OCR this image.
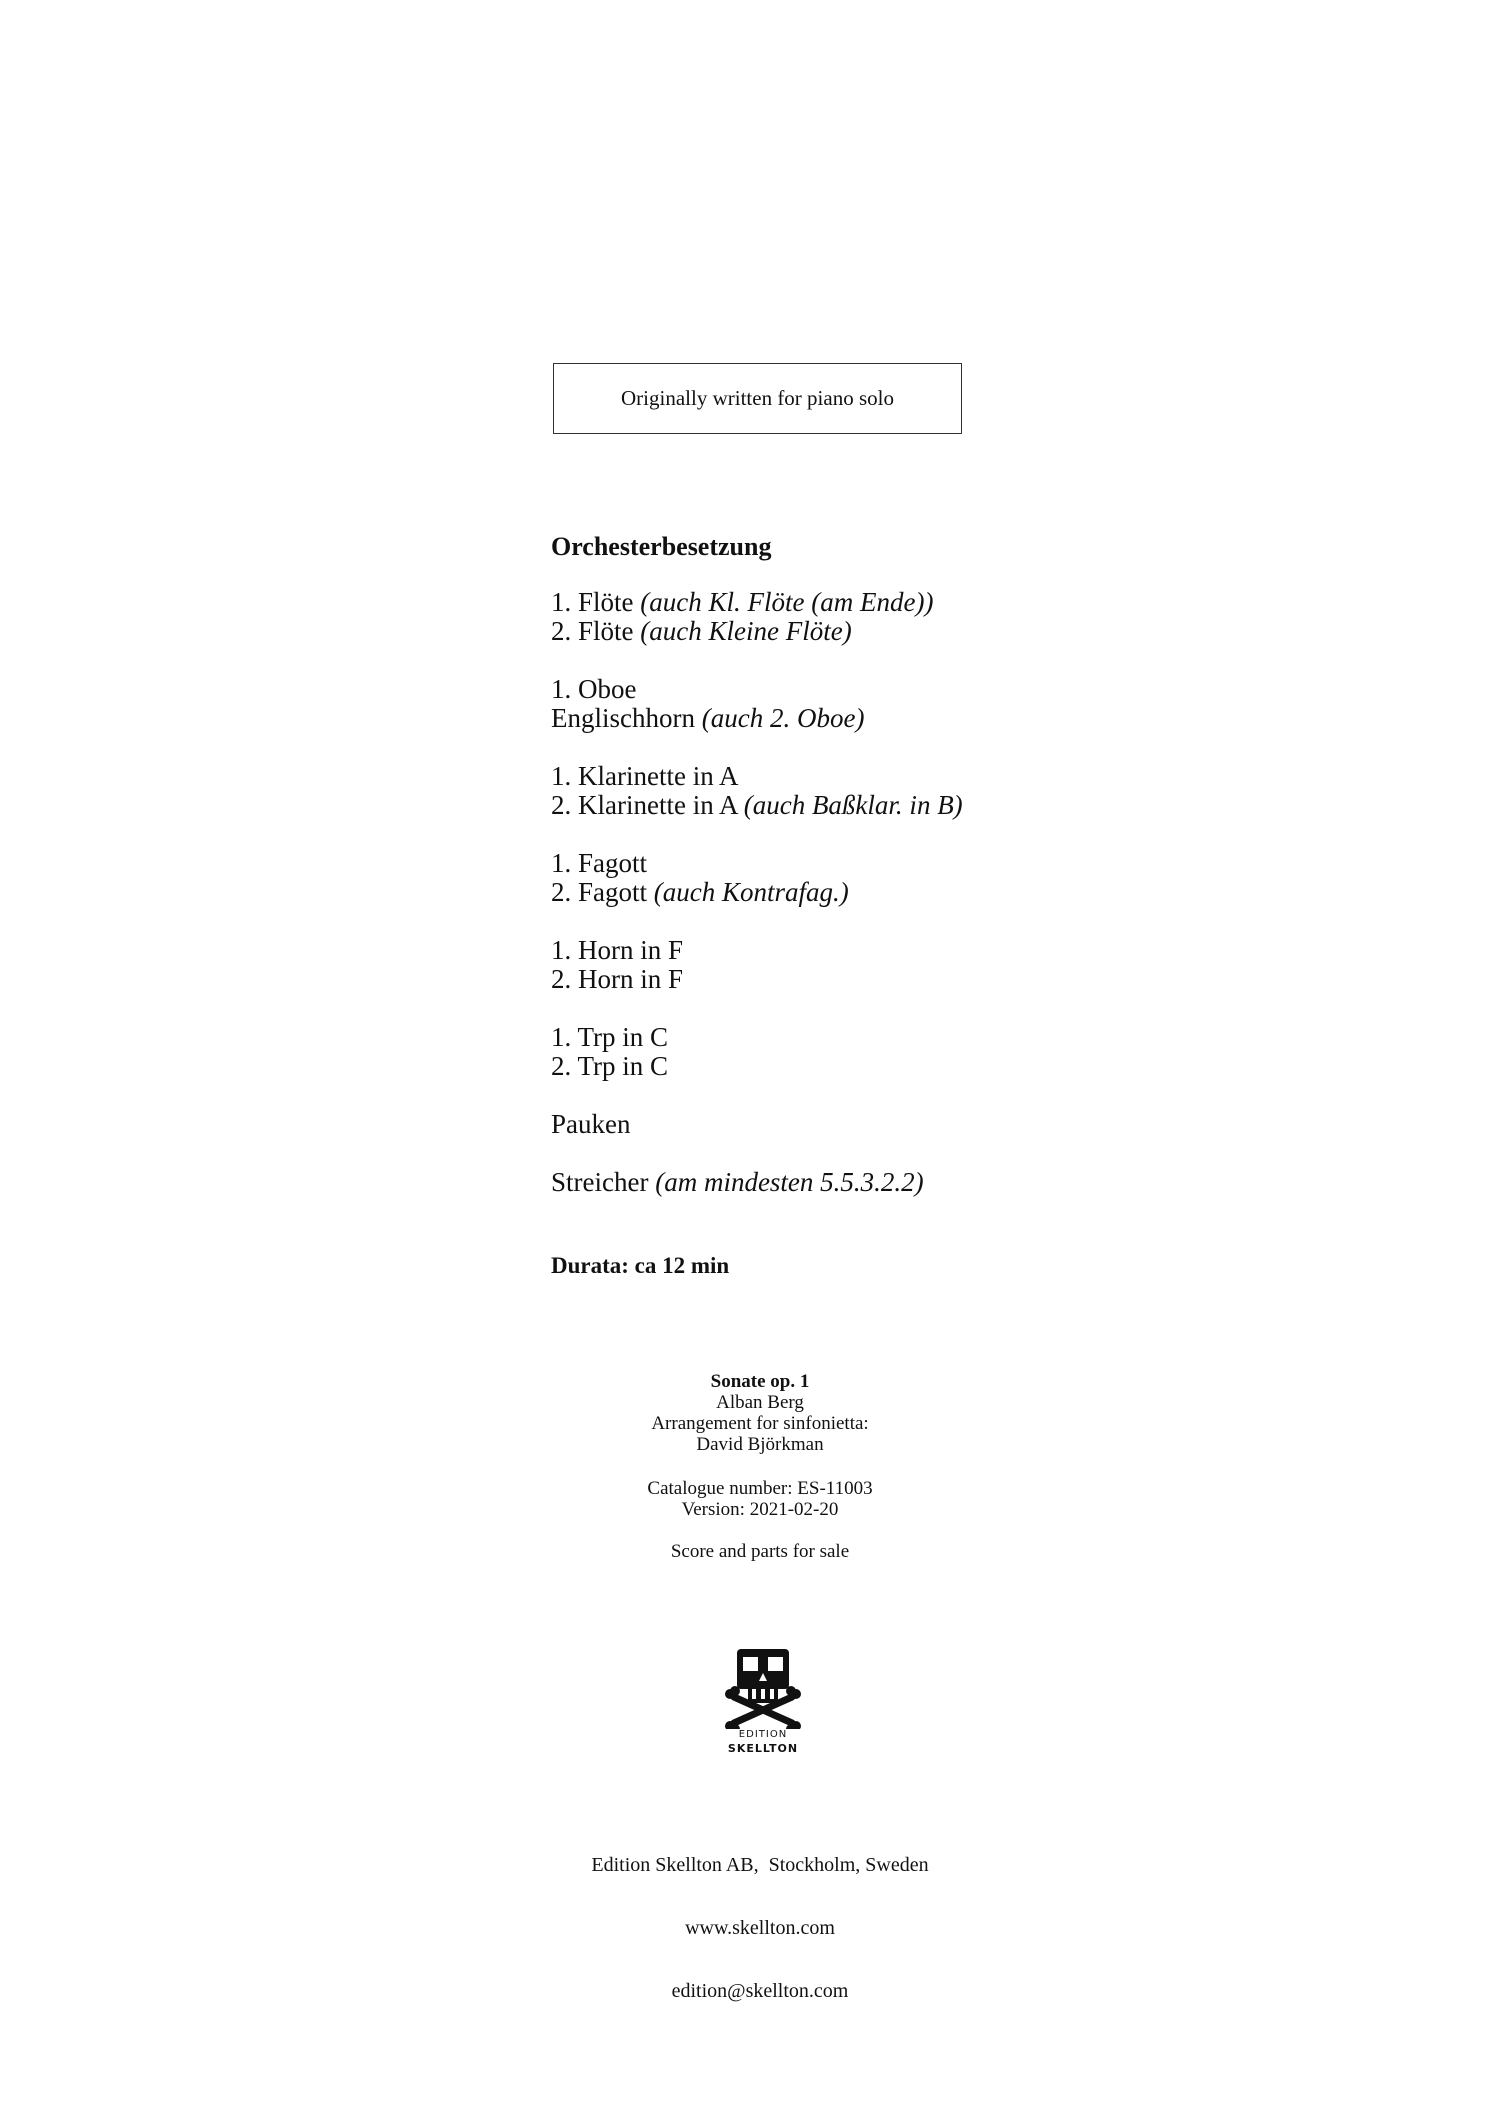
Originally written for piano solo
Orchesterbesetzung
1. Flöte (auch Kl. Flöte (am Ende))
2. Flöte (auch Kleine Flöte)
1. Oboe
Englischhorn (auch 2. Oboe)
1. Klarinette in A
2. Klarinette in A (auch Baßklar. in B)
1. Fagott
2. Fagott (auch Kontrafag.)
1. Horn in F
2. Horn in F
1. Trp in C
2. Trp in C
Pauken
Streicher (am mindesten 5.5.3.2.2)
Durata: ca 12 min
Sonate op. 1
Alban Berg
Arrangement for sinfonietta:
David Björkman
Catalogue number: ES-11003
Version: 2021-02-20
Score and parts for sale
EDITION
SKELLTON

Edition Skellton AB,  Stockholm, Sweden

www.skellton.com

edition@skellton.com
